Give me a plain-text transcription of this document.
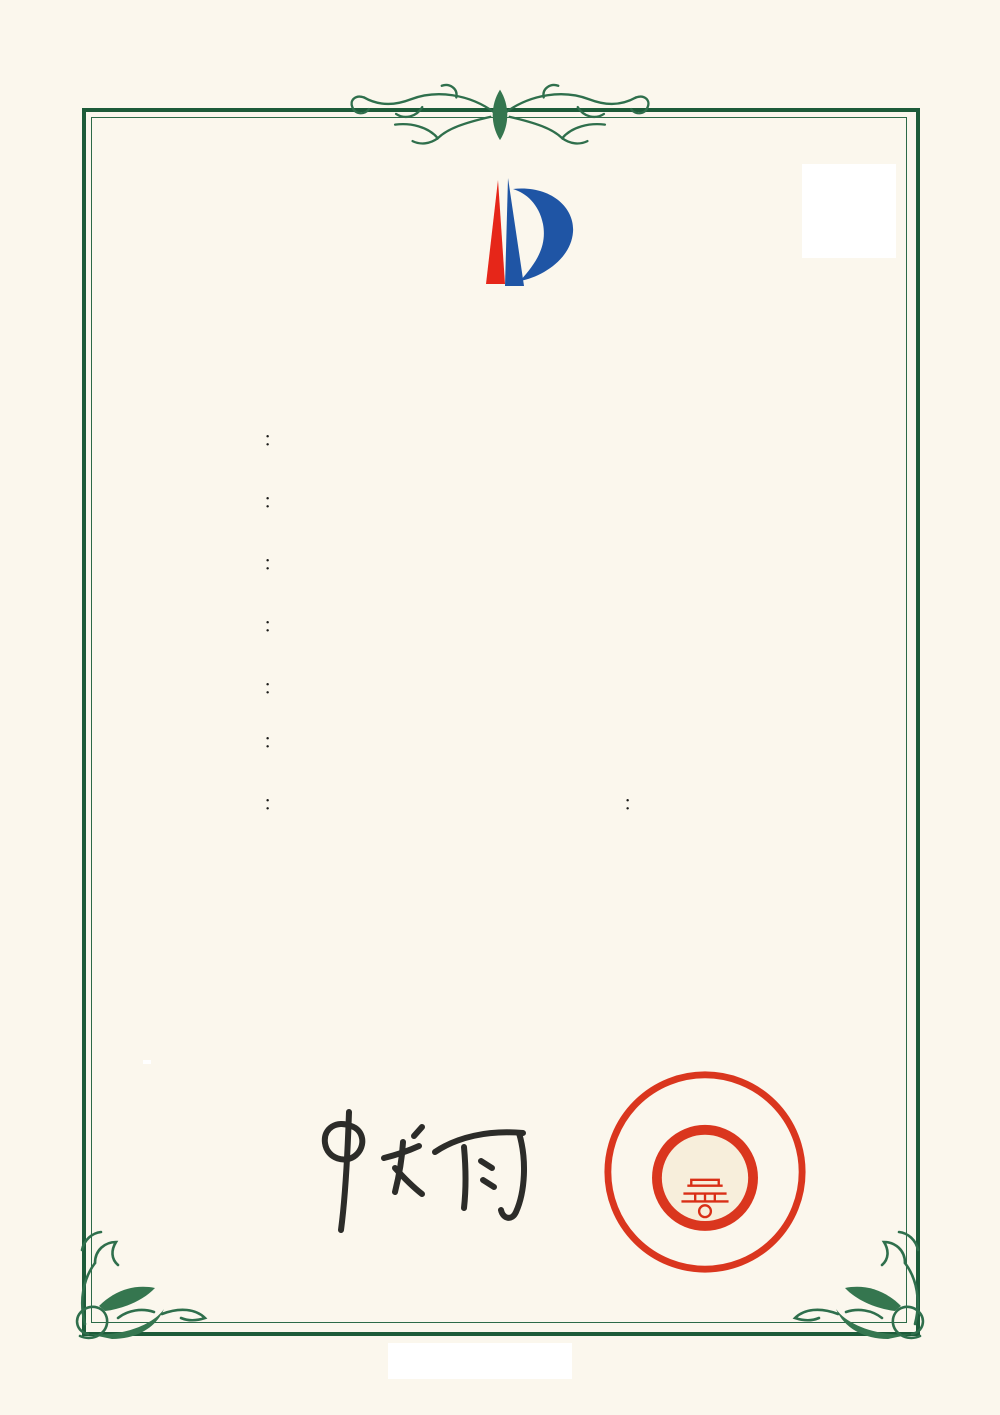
：
：
：
：
：
：
：	：
